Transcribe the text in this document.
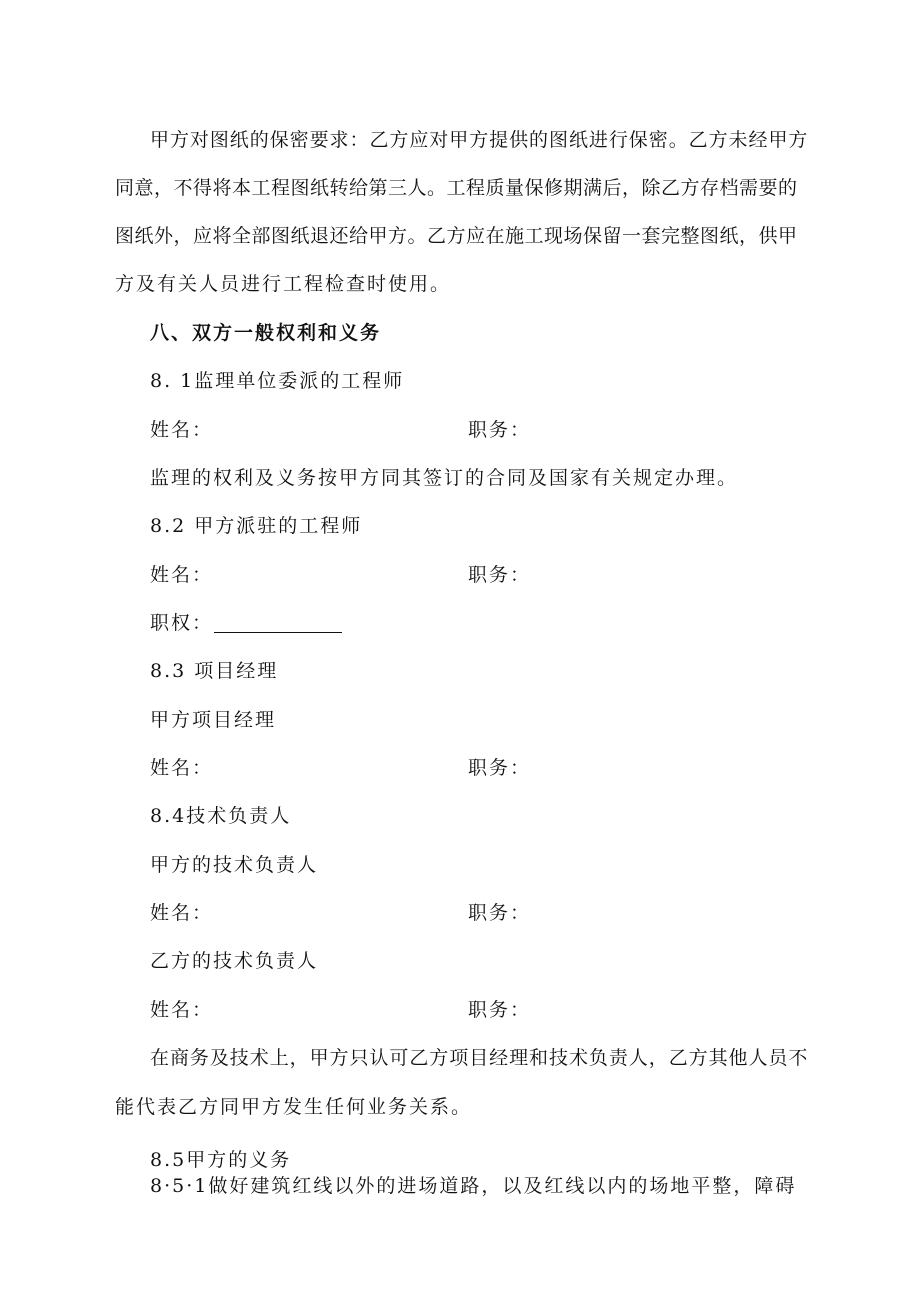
甲方对图纸的保密要求：乙方应对甲方提供的图纸进行保密。乙方未经甲方
同意，不得将本工程图纸转给第三人。工程质量保修期满后，除乙方存档需要的
图纸外，应将全部图纸退还给甲方。乙方应在施工现场保留一套完整图纸，供甲
方及有关人员进行工程检查时使用。
八、双方一般权利和义务
8. 1监理单位委派的工程师
姓名：	职务：
监理的权利及义务按甲方同其签订的合同及国家有关规定办理。
8.2 甲方派驻的工程师
姓名：	职务：
职权：
8.3 项目经理
甲方项目经理
姓名：	职务：
8.4技术负责人
甲方的技术负责人
姓名：	职务：
乙方的技术负责人
姓名：	职务：
在商务及技术上，甲方只认可乙方项目经理和技术负责人，乙方其他人员不
能代表乙方同甲方发生任何业务关系。
8.5甲方的义务
8·5·1做好建筑红线以外的进场道路，以及红线以内的场地平整，障碍
